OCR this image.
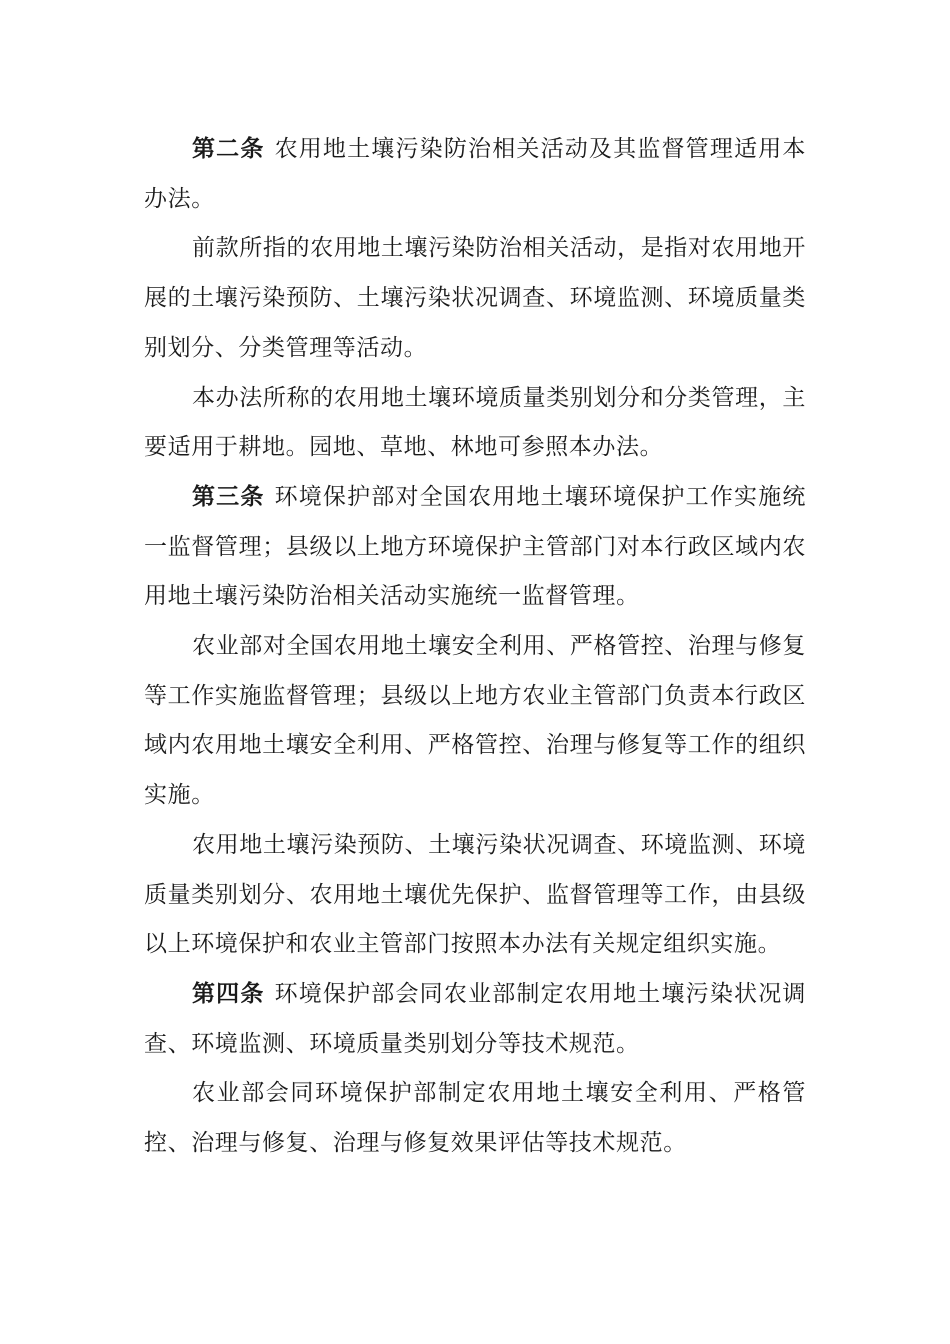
第二条 农用地土壤污染防治相关活动及其监督管理适用本办法。

前款所指的农用地土壤污染防治相关活动，是指对农用地开展的土壤污染预防、土壤污染状况调查、环境监测、环境质量类别划分、分类管理等活动。

本办法所称的农用地土壤环境质量类别划分和分类管理，主要适用于耕地。园地、草地、林地可参照本办法。

第三条 环境保护部对全国农用地土壤环境保护工作实施统一监督管理；县级以上地方环境保护主管部门对本行政区域内农用地土壤污染防治相关活动实施统一监督管理。

农业部对全国农用地土壤安全利用、严格管控、治理与修复等工作实施监督管理；县级以上地方农业主管部门负责本行政区域内农用地土壤安全利用、严格管控、治理与修复等工作的组织实施。

农用地土壤污染预防、土壤污染状况调查、环境监测、环境质量类别划分、农用地土壤优先保护、监督管理等工作，由县级以上环境保护和农业主管部门按照本办法有关规定组织实施。

第四条 环境保护部会同农业部制定农用地土壤污染状况调查、环境监测、环境质量类别划分等技术规范。

农业部会同环境保护部制定农用地土壤安全利用、严格管控、治理与修复、治理与修复效果评估等技术规范。
